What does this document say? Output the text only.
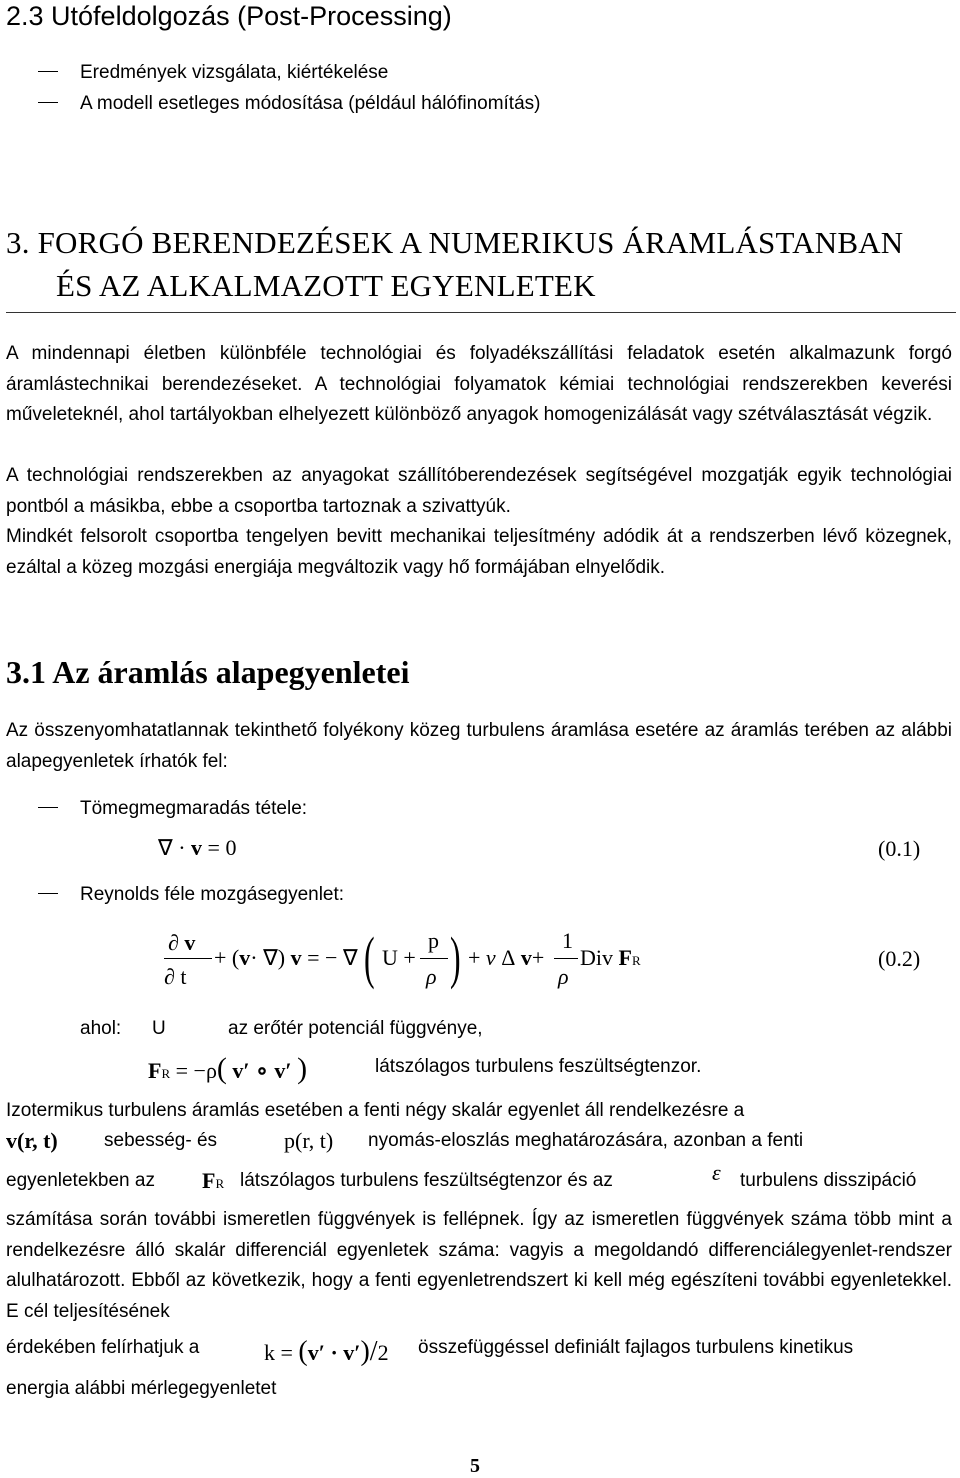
2.3 Utófeldolgozás (Post-Processing)
Eredmények vizsgálata, kiértékelése
A modell esetleges módosítása (például hálófinomítás)
3. FORGÓ BERENDEZÉSEK A NUMERIKUS ÁRAMLÁSTANBAN
ÉS AZ ALKALMAZOTT EGYENLETEK
A mindennapi életben különbféle technológiai és folyadékszállítási feladatok esetén alkalmazunk forgó áramlástechnikai berendezéseket. A technológiai folyamatok kémiai technológiai rendszerekben keverési műveleteknél, ahol tartályokban elhelyezett különböző anyagok homogenizálását vagy szétválasztását végzik.
A technológiai rendszerekben az anyagokat szállítóberendezések segítségével mozgatják egyik technológiai pontból a másikba, ebbe a csoportba tartoznak a szivattyúk.
Mindkét felsorolt csoportba tengelyen bevitt mechanikai teljesítmény adódik át a rendszerben lévő közegnek, ezáltal a közeg mozgási energiája megváltozik vagy hő formájában elnyelődik.
3.1 Az áramlás alapegyenletei
Az összenyomhatatlannak tekinthető folyékony közeg turbulens áramlása esetére az áramlás terében az alábbi alapegyenletek írhatók fel:
Tömegmegmaradás tétele:
∇ · v = 0	(0.1)
Reynolds féle mozgásegyenlet:
∂ v
∂ t
+ (v· ∇) v = − ∇ ( U +
p
ρ ) + ν Δ v+
1
ρ
Div FR	(0.2)
ahol: U	az erőtér potenciál függvénye,
FR = −ρ( v′ ∘ v′ )	látszólagos turbulens feszültségtenzor.
Izotermikus turbulens áramlás esetében a fenti négy skalár egyenlet áll rendelkezésre a
v(r, t) sebesség- és	p(r, t) nyomás-eloszlás meghatározására, azonban a fenti
egyenletekben az FR látszólagos turbulens feszültségtenzor és az	ε turbulens disszipáció
számítása során további ismeretlen függvények is fellépnek. Így az ismeretlen függvények száma több mint a rendelkezésre álló skalár differenciál egyenletek száma: vagyis a megoldandó differenciálegyenlet-rendszer alulhatározott. Ebből az következik, hogy a fenti egyenletrendszert ki kell még egészíteni további egyenletekkel. E cél teljesítésének
érdekében felírhatjuk a	k = (v′ · v′)/2 összefüggéssel definiált fajlagos turbulens kinetikus
energia alábbi mérlegegyenletet
5
